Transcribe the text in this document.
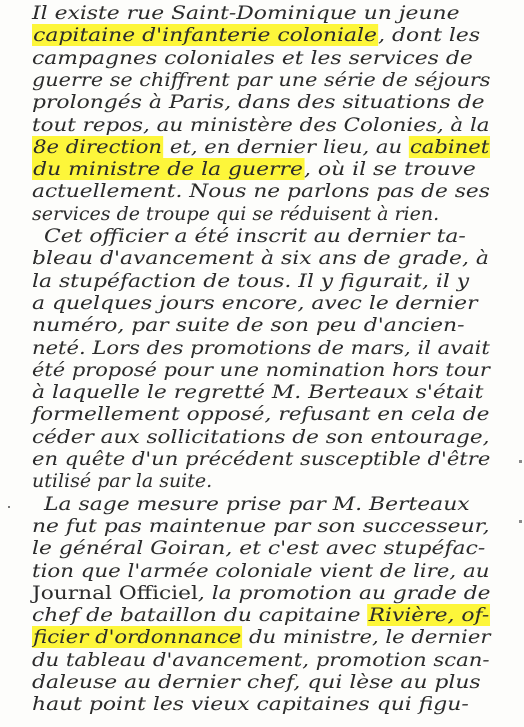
Il existe rue Saint-Dominique un jeune
capitaine d'infanterie coloniale, dont les
campagnes coloniales et les services de
guerre se chiffrent par une série de séjours
prolongés à Paris, dans des situations de
tout repos, au ministère des Colonies, à la
8e direction et, en dernier lieu, au cabinet
du ministre de la guerre, où il se trouve
actuellement. Nous ne parlons pas de ses
services de troupe qui se réduisent à rien.
Cet officier a été inscrit au dernier ta-
bleau d'avancement à six ans de grade, à
la stupéfaction de tous. Il y figurait, il y
a quelques jours encore, avec le dernier
numéro, par suite de son peu d'ancien-
neté. Lors des promotions de mars, il avait
été proposé pour une nomination hors tour
à laquelle le regretté M. Berteaux s'était
formellement opposé, refusant en cela de
céder aux sollicitations de son entourage,
en quête d'un précédent susceptible d'être
utilisé par la suite.
La sage mesure prise par M. Berteaux
ne fut pas maintenue par son successeur,
le général Goiran, et c'est avec stupéfac-
tion que l'armée coloniale vient de lire, au
Journal Officiel, la promotion au grade de
chef de bataillon du capitaine Rivière, of-
ficier d'ordonnance du ministre, le dernier
du tableau d'avancement, promotion scan-
daleuse au dernier chef, qui lèse au plus
haut point les vieux capitaines qui figu-
